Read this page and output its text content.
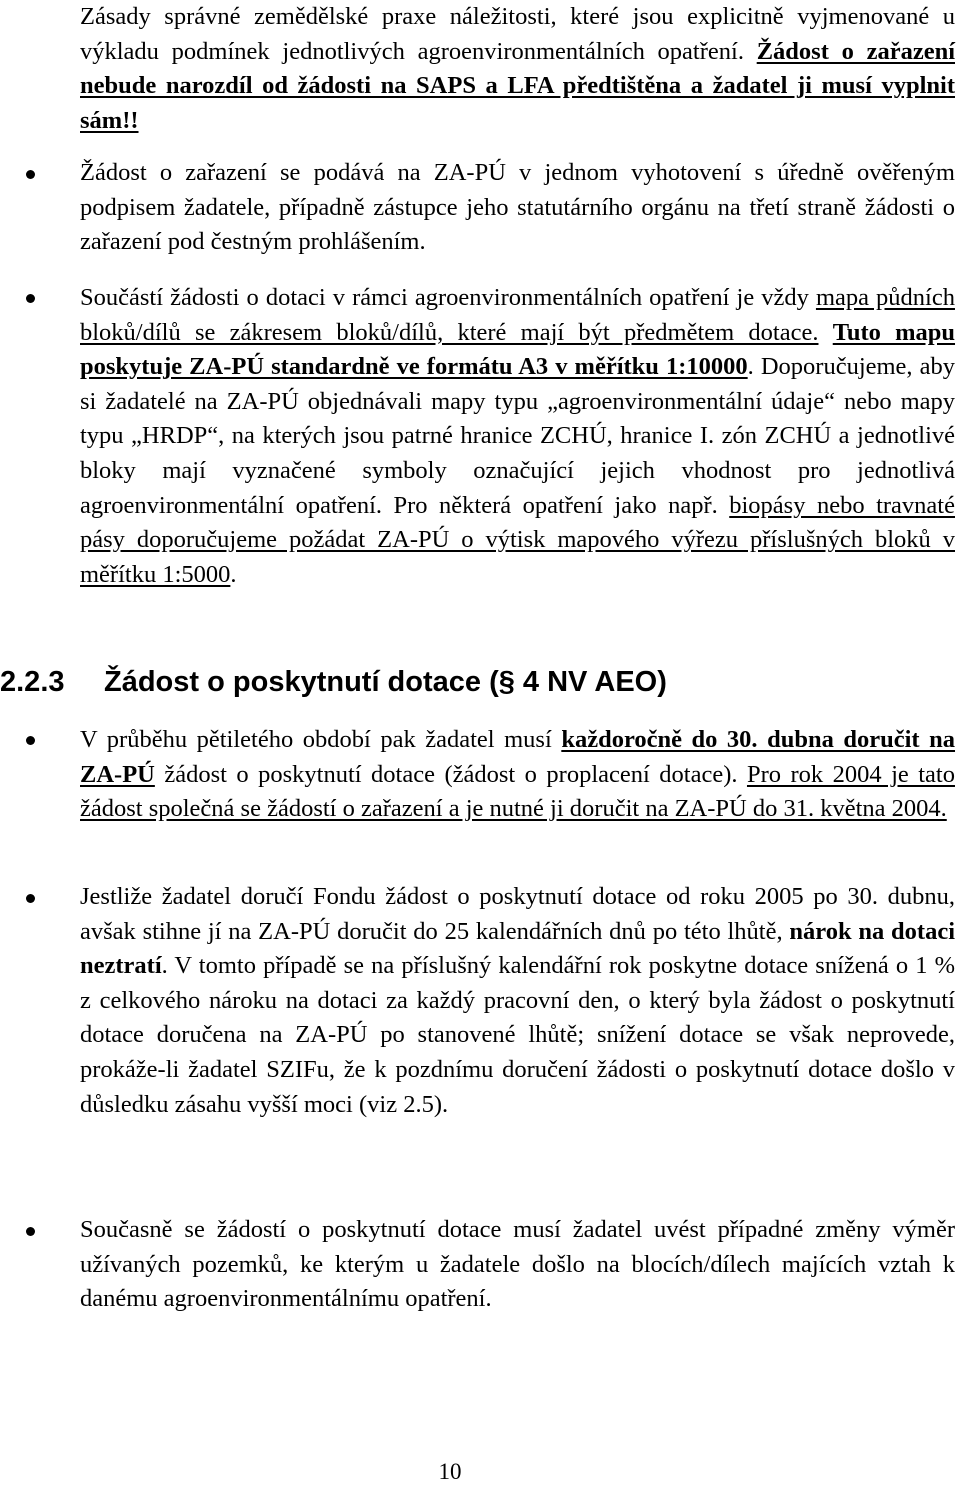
Zásady správné zemědělské praxe náležitosti, které jsou explicitně vyjmenované u výkladu podmínek jednotlivých agroenvironmentálních opatření. Žádost o zařazení nebude narozdíl od žádosti na SAPS a LFA předtištěna a žadatel ji musí vyplnit sám!!

Žádost o zařazení se podává na ZA-PÚ v jednom vyhotovení s úředně ověřeným podpisem žadatele, případně zástupce jeho statutárního orgánu na třetí straně žádosti o zařazení pod čestným prohlášením.

Součástí žádosti o dotaci v rámci agroenvironmentálních opatření je vždy mapa půdních bloků/dílů se zákresem bloků/dílů, které mají být předmětem dotace. Tuto mapu poskytuje ZA-PÚ standardně ve formátu A3 v měřítku 1:10000. Doporučujeme, aby si žadatelé na ZA-PÚ objednávali mapy typu „agroenvironmentální údaje“ nebo mapy typu „HRDP“, na kterých jsou patrné hranice ZCHÚ, hranice I. zón ZCHÚ a jednotlivé bloky mají vyznačené symboly označující jejich vhodnost pro jednotlivá agroenvironmentální opatření. Pro některá opatření jako např. biopásy nebo travnaté pásy doporučujeme požádat ZA-PÚ o výtisk mapového výřezu příslušných bloků v měřítku 1:5000.

2.2.3 Žádost o poskytnutí dotace (§ 4 NV AEO)

V průběhu pětiletého období pak žadatel musí každoročně do 30. dubna doručit na ZA-PÚ žádost o poskytnutí dotace (žádost o proplacení dotace). Pro rok 2004 je tato žádost společná se žádostí o zařazení a je nutné ji doručit na ZA-PÚ do 31. května 2004.

Jestliže žadatel doručí Fondu žádost o poskytnutí dotace od roku 2005 po 30. dubnu, avšak stihne jí na ZA-PÚ doručit do 25 kalendářních dnů po této lhůtě, nárok na dotaci neztratí. V tomto případě se na příslušný kalendářní rok poskytne dotace snížená o 1 % z celkového nároku na dotaci za každý pracovní den, o který byla žádost o poskytnutí dotace doručena na ZA-PÚ po stanovené lhůtě; snížení dotace se však neprovede, prokáže-li žadatel SZIFu, že k pozdnímu doručení žádosti o poskytnutí dotace došlo v důsledku zásahu vyšší moci (viz 2.5).

Současně se žádostí o poskytnutí dotace musí žadatel uvést případné změny výměr užívaných pozemků, ke kterým u žadatele došlo na blocích/dílech majících vztah k danému agroenvironmentálnímu opatření.

10
